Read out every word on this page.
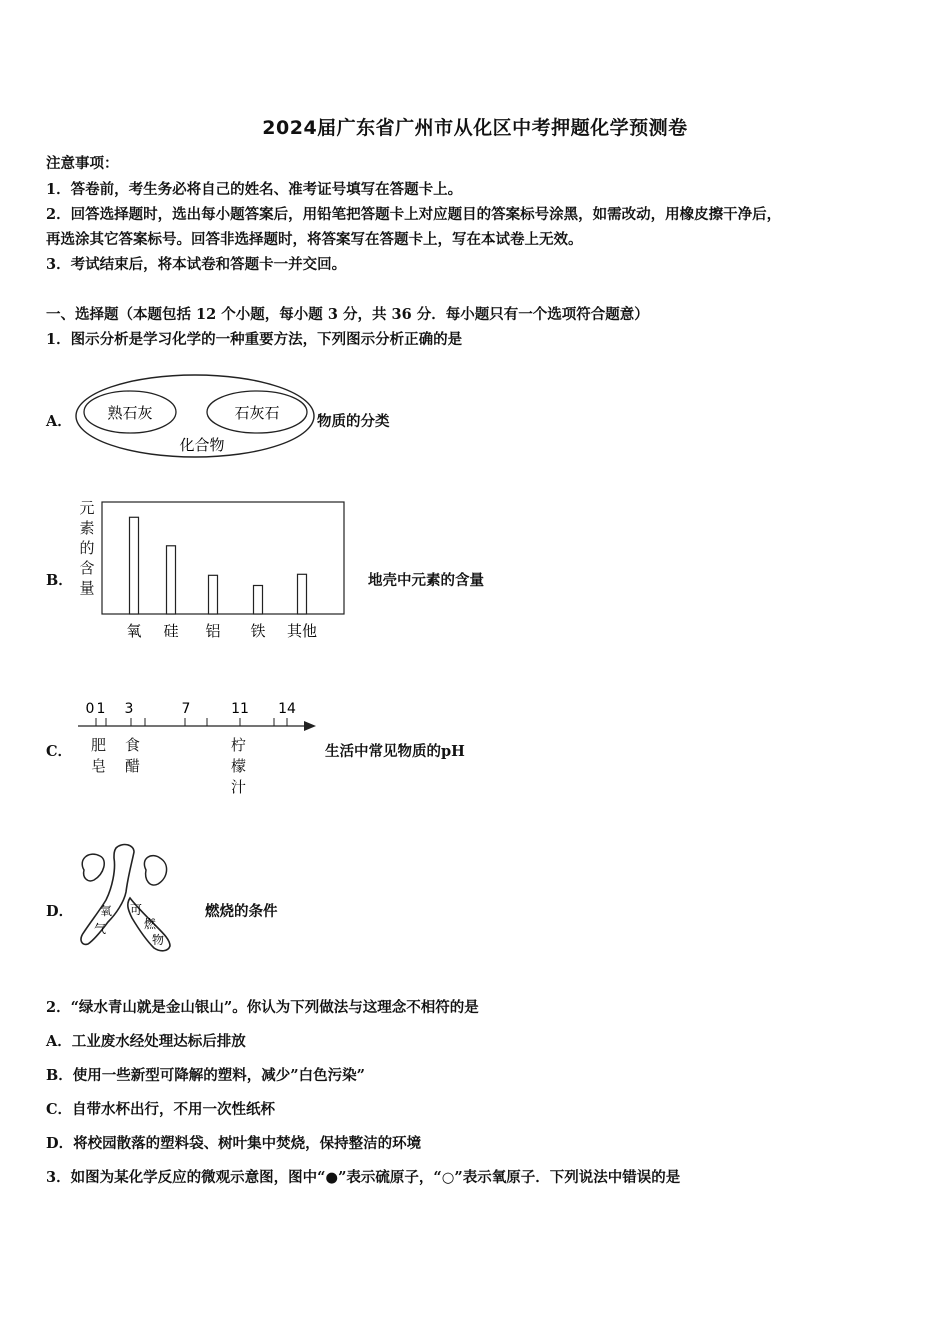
2024届广东省广州市从化区中考押题化学预测卷
注意事项：
1．答卷前，考生务必将自己的姓名、准考证号填写在答题卡上。
2．回答选择题时，选出每小题答案后，用铅笔把答题卡上对应题目的答案标号涂黑，如需改动，用橡皮擦干净后，
再选涂其它答案标号。回答非选择题时，将答案写在答题卡上，写在本试卷上无效。
3．考试结束后，将本试卷和答题卡一并交回。
一、选择题（本题包括 12 个小题，每小题 3 分，共 36 分．每小题只有一个选项符合题意）
1．图示分析是学习化学的一种重要方法，下列图示分析正确的是
A． 熟石灰	石灰石
化合物
物质的分类
B．
元
素
的
含
量
氧 硅 铝 铁 其他
地壳中元素的含量
C．
0 1 3	7	11 14
肥
皂
食
醋
柠
檬
汁
生活中常见物质的pH
D． 氧
气
可
燃
物
燃烧的条件
2．“绿水青山就是金山银山”。你认为下列做法与这理念不相符的是
A．工业废水经处理达标后排放
B．使用一些新型可降解的塑料，减少”白色污染”
C．自带水杯出行，不用一次性纸杯
D．将校园散落的塑料袋、树叶集中焚烧，保持整洁的环境
3．如图为某化学反应的微观示意图，图中“●”表示硫原子，“○”表示氧原子．下列说法中错误的是
